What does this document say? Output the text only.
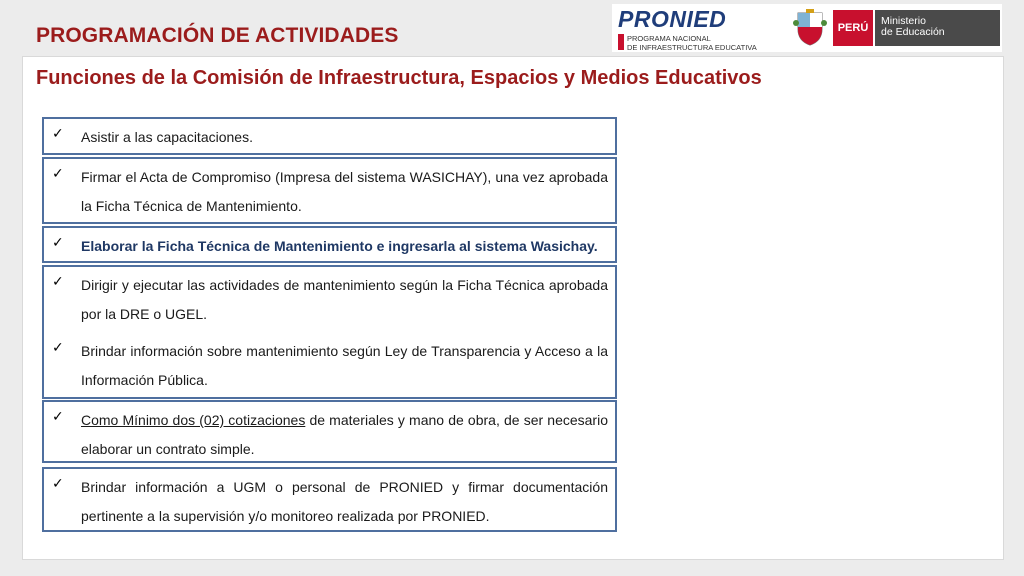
PROGRAMACIÓN DE ACTIVIDADES
Funciones de la Comisión de Infraestructura, Espacios y Medios Educativos
PRONIED
PROGRAMA NACIONAL
DE INFRAESTRUCTURA EDUCATIVA
PERÚ
Ministerio
de Educación
✓ Asistir a las capacitaciones.
✓ Firmar el Acta de Compromiso (Impresa del sistema WASICHAY), una vez aprobada la Ficha Técnica de Mantenimiento.
✓ Elaborar la Ficha Técnica de Mantenimiento e ingresarla al sistema Wasichay.
✓ Dirigir y ejecutar las actividades de mantenimiento según la Ficha Técnica aprobada por la DRE o UGEL.
✓ Brindar información sobre mantenimiento según Ley de Transparencia y Acceso a la Información Pública.
✓ Como Mínimo dos (02) cotizaciones de materiales y mano de obra, de ser necesario elaborar un contrato simple.
✓ Brindar información a UGM o personal de PRONIED y firmar documentación pertinente a la supervisión y/o monitoreo realizada por PRONIED.
